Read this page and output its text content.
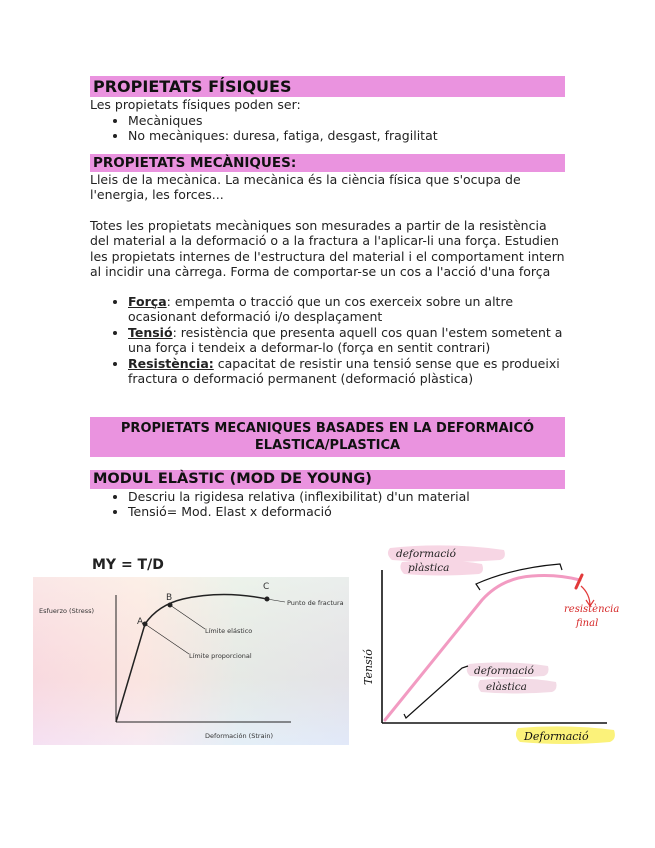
PROPIETATS FÍSIQUES

Les propietats físiques poden ser:

• Mecàniques
• No mecàniques: duresa, fatiga, desgast, fragilitat
PROPIETATS MECÀNIQUES:

Lleis de la mecànica. La mecànica és la ciència física que s'ocupa de l'energia, les forces...

Totes les propietats mecàniques son mesurades a partir de la resistència del material a la deformació o a la fractura a l'aplicar-li una força. Estudien les propietats internes de l'estructura del material i el comportament intern al incidir una càrrega. Forma de comportar-se un cos a l'acció d'una força

• Força: empemta o tracció que un cos exerceix sobre un altre ocasionant deformació i/o desplaçament
• Tensió: resistència que presenta aquell cos quan l'estem sometent a una força i tendeix a deformar-lo (força en sentit contrari)
• Resistència: capacitat de resistir una tensió sense que es produeixi fractura o deformació permanent (deformació plàstica)
PROPIETATS MECANIQUES BASADES EN LA DEFORMAICÓ ELASTICA/PLASTICA
MODUL ELÀSTIC (MOD DE YOUNG)
• Descriu la rigidesa relativa (inflexibilitat) d'un material
• Tensió= Mod. Elast x deformació
MY = T/D
Esfuerzo (Stress)
Deformación (Strain)
A
B
C
Punto de fractura
Límite elástico
Límite proporcional
deformació
plàstica
resistència
final
deformació
elàstica
Deformació
Tensió
